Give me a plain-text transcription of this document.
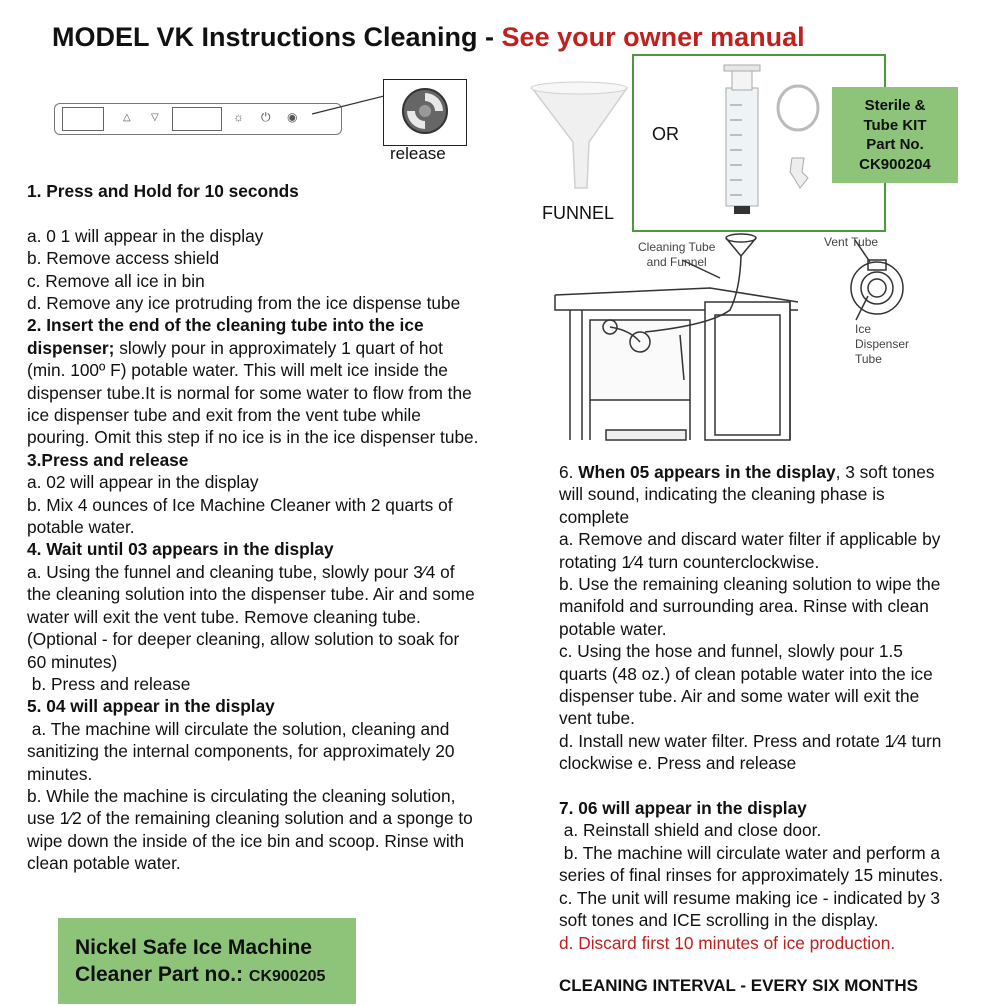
MODEL VK Instructions Cleaning - See your owner manual
△ ▽	☼ ⏻ ◉
release
FUNNEL
OR
Sterile &
Tube KIT
Part No.
CK900204
Cleaning Tube
and Funnel
Vent Tube
Ice
Dispenser
Tube

1. Press and Hold for 10 seconds

a. 0 1 will appear in the display

b. Remove access shield

c. Remove all ice in bin

d. Remove any ice protruding from the ice dispense tube

2. Insert the end of the cleaning tube into the ice

dispenser; slowly pour in approximately 1 quart of hot

(min. 100º F) potable water. This will melt ice inside the

dispenser tube.It is normal for some water to flow from the

ice dispenser tube and exit from the vent tube while

pouring. Omit this step if no ice is in the ice dispenser tube.

3.Press and release

a. 02 will appear in the display

b. Mix 4 ounces of Ice Machine Cleaner with 2 quarts of

potable water.

4. Wait until 03 appears in the display

a. Using the funnel and cleaning tube, slowly pour 3⁄4 of

the cleaning solution into the dispenser tube. Air and some

water will exit the vent tube. Remove cleaning tube.

(Optional - for deeper cleaning, allow solution to soak for

60 minutes)

b. Press and release

5. 04 will appear in the display

a. The machine will circulate the solution, cleaning and

sanitizing the internal components, for approximately 20

minutes.

b. While the machine is circulating the cleaning solution,

use 1⁄2 of the remaining cleaning solution and a sponge to

wipe down the inside of the ice bin and scoop. Rinse with

clean potable water.

6. When 05 appears in the display, 3 soft tones

will sound, indicating the cleaning phase is

complete

a. Remove and discard water filter if applicable by

rotating 1⁄4 turn counterclockwise.

b. Use the remaining cleaning solution to wipe the

manifold and surrounding area. Rinse with clean

potable water.

c. Using the hose and funnel, slowly pour 1.5

quarts (48 oz.) of clean potable water into the ice

dispenser tube. Air and some water will exit the

vent tube.

d. Install new water filter. Press and rotate 1⁄4 turn

clockwise e. Press and release

7. 06 will appear in the display

a. Reinstall shield and close door.

b. The machine will circulate water and perform a

series of final rinses for approximately 15 minutes.

c. The unit will resume making ice - indicated by 3

soft tones and ICE scrolling in the display.

d. Discard first 10 minutes of ice production.

Nickel Safe Ice Machine
Cleaner Part no.: CK900205	CLEANING INTERVAL - EVERY SIX MONTHS
